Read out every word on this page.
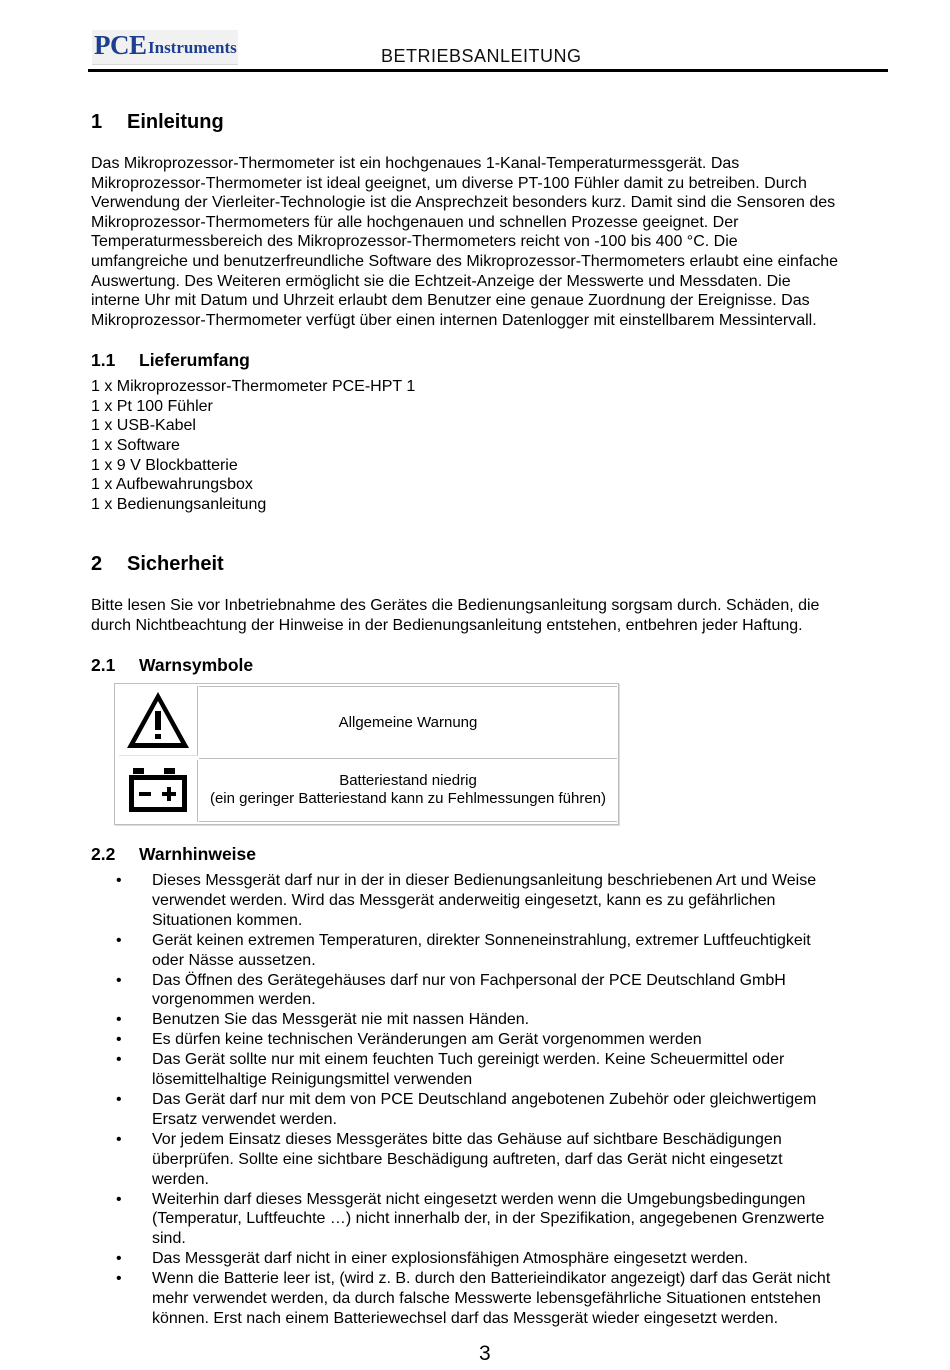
PCE Instruments	BETRIEBSANLEITUNG
1 Einleitung
Das Mikroprozessor-Thermometer ist ein hochgenaues 1-Kanal-Temperaturmessgerät. Das
Mikroprozessor-Thermometer ist ideal geeignet, um diverse PT-100 Fühler damit zu betreiben. Durch
Verwendung der Vierleiter-Technologie ist die Ansprechzeit besonders kurz. Damit sind die Sensoren des
Mikroprozessor-Thermometers für alle hochgenauen und schnellen Prozesse geeignet. Der
Temperaturmessbereich des Mikroprozessor-Thermometers reicht von -100 bis 400 °C. Die
umfangreiche und benutzerfreundliche Software des Mikroprozessor-Thermometers erlaubt eine einfache
Auswertung. Des Weiteren ermöglicht sie die Echtzeit-Anzeige der Messwerte und Messdaten. Die
interne Uhr mit Datum und Uhrzeit erlaubt dem Benutzer eine genaue Zuordnung der Ereignisse. Das
Mikroprozessor-Thermometer verfügt über einen internen Datenlogger mit einstellbarem Messintervall.
1.1 Lieferumfang
1 x Mikroprozessor-Thermometer PCE-HPT 1
1 x Pt 100 Fühler
1 x USB-Kabel
1 x Software
1 x 9 V Blockbatterie
1 x Aufbewahrungsbox
1 x Bedienungsanleitung
2 Sicherheit
Bitte lesen Sie vor Inbetriebnahme des Gerätes die Bedienungsanleitung sorgsam durch. Schäden, die
durch Nichtbeachtung der Hinweise in der Bedienungsanleitung entstehen, entbehren jeder Haftung.
2.1 Warnsymbole
Allgemeine Warnung
Batteriestand niedrig
(ein geringer Batteriestand kann zu Fehlmessungen führen)
2.2 Warnhinweise
•	Dieses Messgerät darf nur in der in dieser Bedienungsanleitung beschriebenen Art und Weise
verwendet werden. Wird das Messgerät anderweitig eingesetzt, kann es zu gefährlichen
Situationen kommen.
•	Gerät keinen extremen Temperaturen, direkter Sonneneinstrahlung, extremer Luftfeuchtigkeit
oder Nässe aussetzen.
•	Das Öffnen des Gerätegehäuses darf nur von Fachpersonal der PCE Deutschland GmbH
vorgenommen werden.
•	Benutzen Sie das Messgerät nie mit nassen Händen.
•	Es dürfen keine technischen Veränderungen am Gerät vorgenommen werden
•	Das Gerät sollte nur mit einem feuchten Tuch gereinigt werden. Keine Scheuermittel oder
lösemittelhaltige Reinigungsmittel verwenden
•	Das Gerät darf nur mit dem von PCE Deutschland angebotenen Zubehör oder gleichwertigem
Ersatz verwendet werden.
•	Vor jedem Einsatz dieses Messgerätes bitte das Gehäuse auf sichtbare Beschädigungen
überprüfen. Sollte eine sichtbare Beschädigung auftreten, darf das Gerät nicht eingesetzt
werden.
•	Weiterhin darf dieses Messgerät nicht eingesetzt werden wenn die Umgebungsbedingungen
(Temperatur, Luftfeuchte …) nicht innerhalb der, in der Spezifikation, angegebenen Grenzwerte
sind.
•	Das Messgerät darf nicht in einer explosionsfähigen Atmosphäre eingesetzt werden.
•	Wenn die Batterie leer ist, (wird z. B. durch den Batterieindikator angezeigt) darf das Gerät nicht
mehr verwendet werden, da durch falsche Messwerte lebensgefährliche Situationen entstehen
können. Erst nach einem Batteriewechsel darf das Messgerät wieder eingesetzt werden.
3
